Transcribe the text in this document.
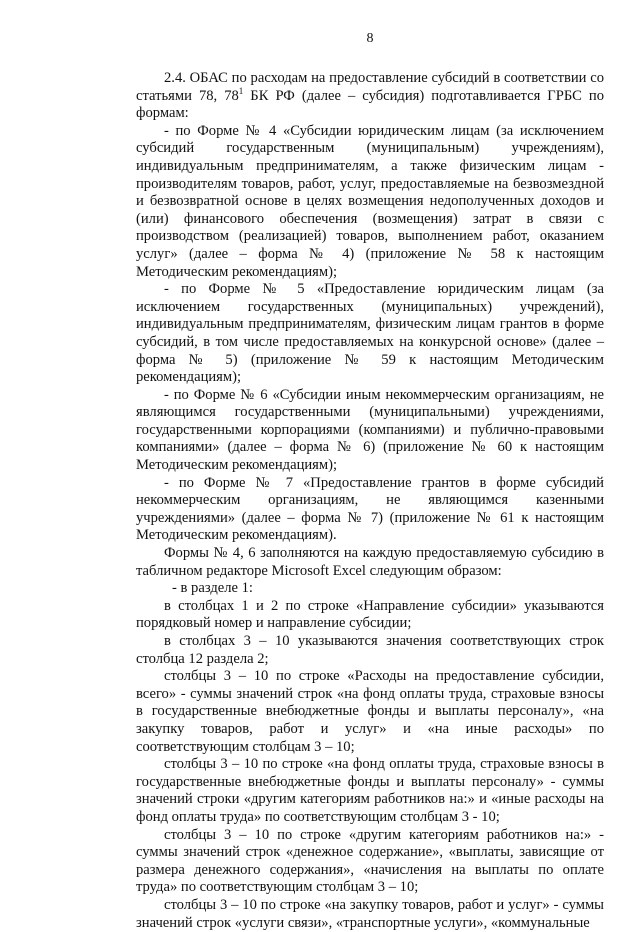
8

2.4. ОБАС по расходам на предоставление субсидий в соответствии со статьями 78, $78^1$ БК РФ (далее – субсидия) подготавливается ГРБС по формам:

- по Форме № 4 «Субсидии юридическим лицам (за исключением субсидий государственным (муниципальным) учреждениям), индивидуальным предпринимателям, а также физическим лицам - производителям товаров, работ, услуг, предоставляемые на безвозмездной и безвозвратной основе в целях возмещения недополученных доходов и (или) финансового обеспечения (возмещения) затрат в связи с производством (реализацией) товаров, выполнением работ, оказанием услуг» (далее – форма № 4) (приложение № 58 к настоящим Методическим рекомендациям);

- по Форме № 5 «Предоставление юридическим лицам (за исключением государственных (муниципальных) учреждений), индивидуальным предпринимателям, физическим лицам грантов в форме субсидий, в том числе предоставляемых на конкурсной основе» (далее – форма № 5) (приложение № 59 к настоящим Методическим рекомендациям);

- по Форме № 6 «Субсидии иным некоммерческим организациям, не являющимся государственными (муниципальными) учреждениями, государственными корпорациями (компаниями) и публично-правовыми компаниями» (далее – форма № 6) (приложение № 60 к настоящим Методическим рекомендациям);

- по Форме № 7 «Предоставление грантов в форме субсидий некоммерческим организациям, не являющимся казенными учреждениями» (далее – форма № 7) (приложение № 61 к настоящим Методическим рекомендациям).

Формы № 4, 6 заполняются на каждую предоставляемую субсидию в табличном редакторе Microsoft Excel следующим образом:

- в разделе 1:

в столбцах 1 и 2 по строке «Направление субсидии» указываются порядковый номер и направление субсидии;

в столбцах 3 – 10 указываются значения соответствующих строк столбца 12 раздела 2;

столбцы 3 – 10 по строке «Расходы на предоставление субсидии, всего» - суммы значений строк «на фонд оплаты труда, страховые взносы в государственные внебюджетные фонды и выплаты персоналу», «на закупку товаров, работ и услуг» и «на иные расходы» по соответствующим столбцам 3 – 10;

столбцы 3 – 10 по строке «на фонд оплаты труда, страховые взносы в государственные внебюджетные фонды и выплаты персоналу» - суммы значений строки «другим категориям работников на:» и «иные расходы на фонд оплаты труда» по соответствующим столбцам 3 - 10;

столбцы 3 – 10 по строке «другим категориям работников на:» - суммы значений строк «денежное содержание», «выплаты, зависящие от размера денежного содержания», «начисления на выплаты по оплате труда» по соответствующим столбцам 3 – 10;

столбцы 3 – 10 по строке «на закупку товаров, работ и услуг» - суммы значений строк «услуги связи», «транспортные услуги», «коммунальные
